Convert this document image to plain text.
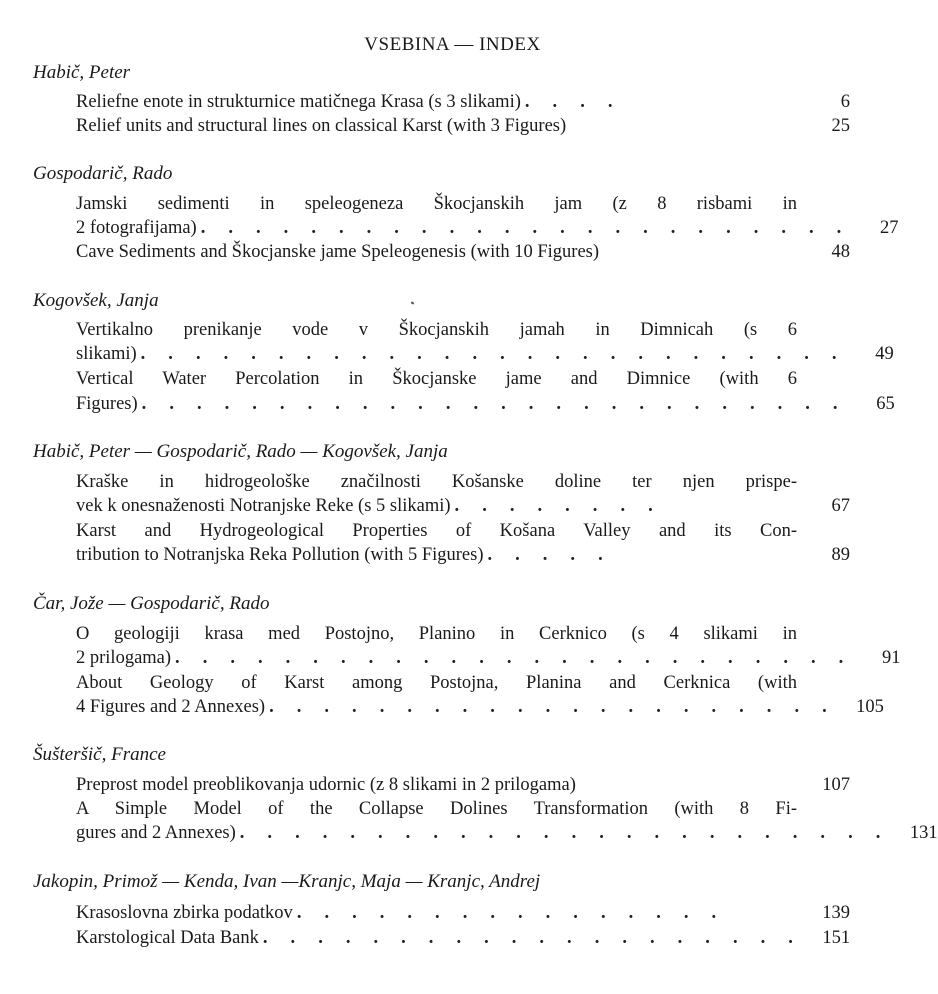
VSEBINA — INDEX
Habič, Peter
Reliefne enote in strukturnice matičnega Krasa (s 3 slikami) . . . .	6
Relief units and structural lines on classical Karst (with 3 Figures)	25
Gospodarič, Rado
Jamski sedimenti in speleogeneza Škocjanskih jam (z 8 risbami in
2 fotografijama) . . . . . . . . . . . . . . . . . . . . . . . .	27
Cave Sediments and Škocjanske jame Speleogenesis (with 10 Figures)	48
Kogovšek, Janja
Vertikalno prenikanje vode v Škocjanskih jamah in Dimnicah (s 6
slikami) . . . . . . . . . . . . . . . . . . . . . . . . . .	49
Vertical Water Percolation in Škocjanske jame and Dimnice (with 6
Figures) . . . . . . . . . . . . . . . . . . . . . . . . . .	65
Habič, Peter — Gospodarič, Rado — Kogovšek, Janja
Kraške in hidrogeološke značilnosti Košanske doline ter njen prispe-
vek k onesnaženosti Notranjske Reke (s 5 slikami) . . . . . . . .	67
Karst and Hydrogeological Properties of Košana Valley and its Con-
tribution to Notranjska Reka Pollution (with 5 Figures) . . . . .	89
Čar, Jože — Gospodarič, Rado
O geologiji krasa med Postojno, Planino in Cerknico (s 4 slikami in
2 prilogama) . . . . . . . . . . . . . . . . . . . . . . . . .	91
About Geology of Karst among Postojna, Planina and Cerknica (with
4 Figures and 2 Annexes) . . . . . . . . . . . . . . . . . . . . .	105
Šušteršič, France
Preprost model preoblikovanja udornic (z 8 slikami in 2 prilogama)	107
A Simple Model of the Collapse Dolines Transformation (with 8 Fi-
gures and 2 Annexes) . . . . . . . . . . . . . . . . . . . . . . . .	131
Jakopin, Primož — Kenda, Ivan —Kranjc, Maja — Kranjc, Andrej
Krasoslovna zbirka podatkov . . . . . . . . . . . . . . . .	139
Karstological Data Bank . . . . . . . . . . . . . . . . . . . .	151
